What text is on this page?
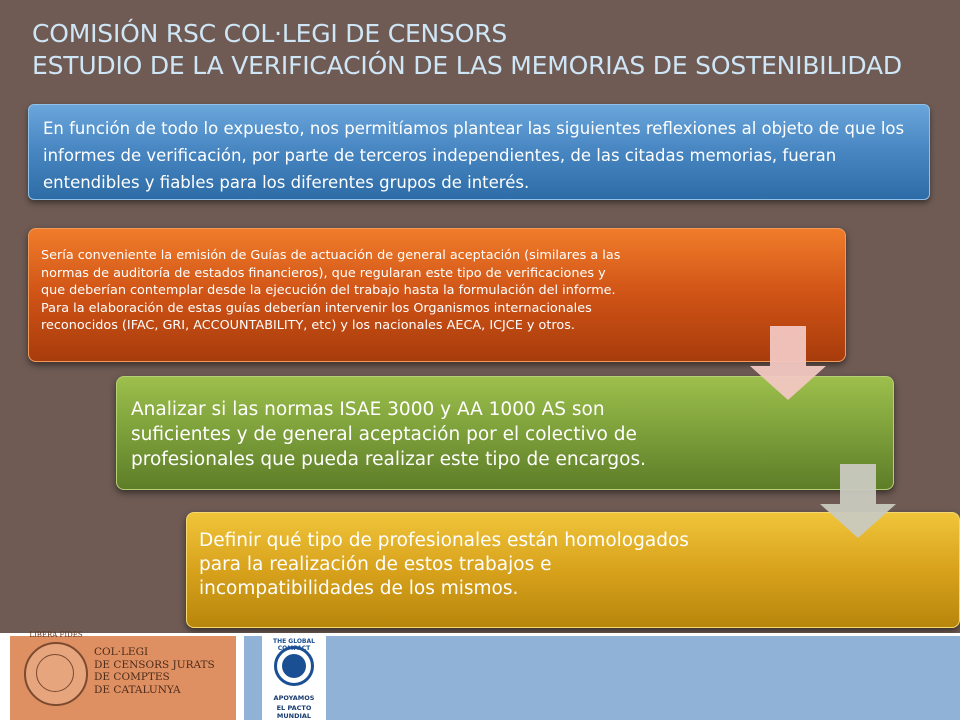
COMISIÓN RSC COL·LEGI DE CENSORS
ESTUDIO DE LA VERIFICACIÓN DE LAS MEMORIAS DE SOSTENIBILIDAD
En función de todo lo expuesto, nos permitíamos plantear las siguientes reflexiones al objeto de que los informes de verificación, por parte de terceros independientes, de las citadas memorias, fueran entendibles y fiables para los diferentes grupos de interés.

Sería conveniente la emisión de Guías de actuación de general aceptación (similares a las

normas de auditoría de estados financieros), que regularan este tipo de verificaciones y

que deberían contemplar desde la ejecución del trabajo hasta la formulación del informe.

Para la elaboración de estas guías deberían intervenir los Organismos internacionales

reconocidos (IFAC, GRI, ACCOUNTABILITY, etc) y los nacionales AECA, ICJCE y otros.

Analizar si las normas ISAE 3000 y AA 1000 AS son

suficientes y de general aceptación por el colectivo de

profesionales que pueda realizar este tipo de encargos.

Definir qué tipo de profesionales están homologados

para la realización de estos trabajos e

incompatibilidades de los mismos.

LIBERA FIDES
COL·LEGI
DE CENSORS JURATS
DE COMPTES
DE CATALUNYA
THE GLOBAL COMPACT
APOYAMOS
EL PACTO MUNDIAL
